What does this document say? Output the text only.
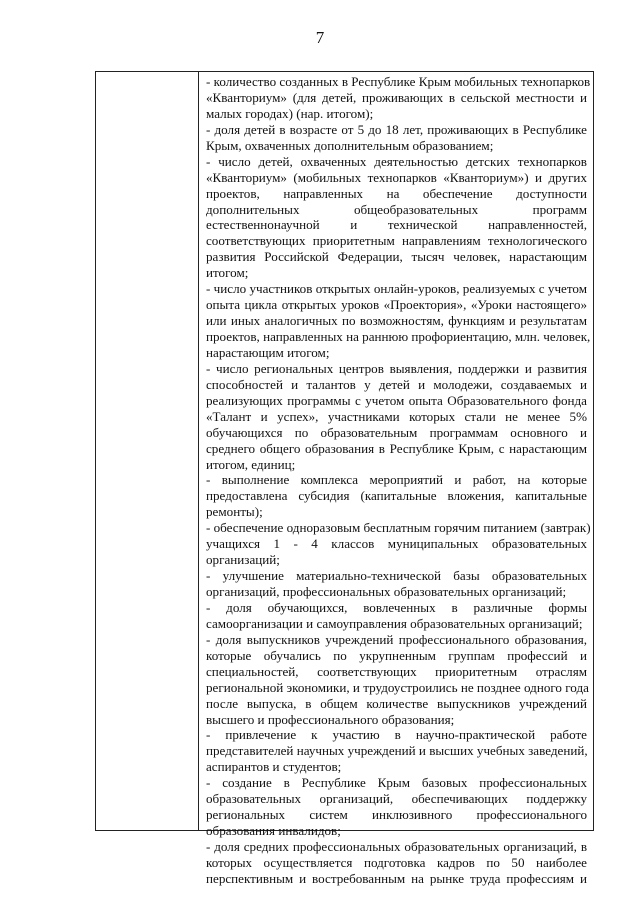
7
- количество созданных в Республике Крым мобильных технопарков
«Кванториум» (для детей, проживающих в сельской местности и
малых городах) (нар. итогом);
- доля детей в возрасте от 5 до 18 лет, проживающих в Республике
Крым, охваченных дополнительным образованием;
- число детей, охваченных деятельностью детских технопарков
«Кванториум» (мобильных технопарков «Кванториум») и других
проектов, направленных на обеспечение доступности
дополнительных общеобразовательных программ
естественнонаучной и технической направленностей,
соответствующих приоритетным направлениям технологического
развития Российской Федерации, тысяч человек, нарастающим
итогом;
- число участников открытых онлайн-уроков, реализуемых с учетом
опыта цикла открытых уроков «Проектория», «Уроки настоящего»
или иных аналогичных по возможностям, функциям и результатам
проектов, направленных на раннюю профориентацию, млн. человек,
нарастающим итогом;
- число региональных центров выявления, поддержки и развития
способностей и талантов у детей и молодежи, создаваемых и
реализующих программы с учетом опыта Образовательного фонда
«Талант и успех», участниками которых стали не менее 5%
обучающихся по образовательным программам основного и
среднего общего образования в Республике Крым, с нарастающим
итогом, единиц;
- выполнение комплекса мероприятий и работ, на которые
предоставлена субсидия (капитальные вложения, капитальные
ремонты);
- обеспечение одноразовым бесплатным горячим питанием (завтрак)
учащихся 1 - 4 классов муниципальных образовательных
организаций;
- улучшение материально-технической базы образовательных
организаций, профессиональных образовательных организаций;
- доля обучающихся, вовлеченных в различные формы
самоорганизации и самоуправления образовательных организаций;
- доля выпускников учреждений профессионального образования,
которые обучались по укрупненным группам профессий и
специальностей, соответствующих приоритетным отраслям
региональной экономики, и трудоустроились не позднее одного года
после выпуска, в общем количестве выпускников учреждений
высшего и профессионального образования;
- привлечение к участию в научно-практической работе
представителей научных учреждений и высших учебных заведений,
аспирантов и студентов;
- создание в Республике Крым базовых профессиональных
образовательных организаций, обеспечивающих поддержку
региональных систем инклюзивного профессионального
образования инвалидов;
- доля средних профессиональных образовательных организаций, в
которых осуществляется подготовка кадров по 50 наиболее
перспективным и востребованным на рынке труда профессиям и
